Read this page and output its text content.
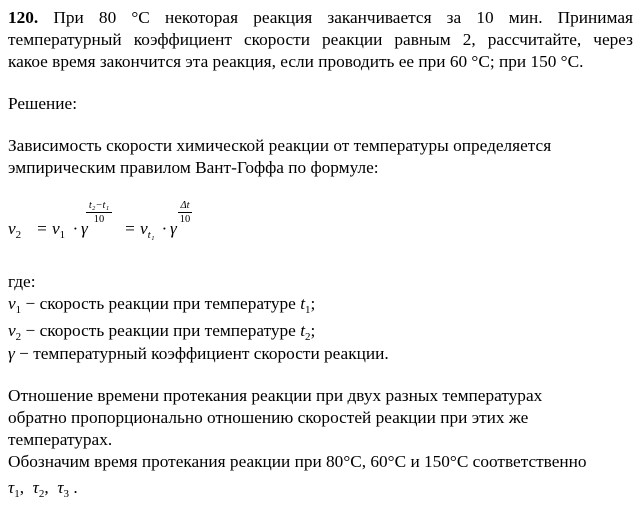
120. При 80 °С некоторая реакция заканчивается за 10 мин. Принимая
температурный коэффициент скорости реакции равным 2, рассчитайте, через
какое время закончится эта реакция, если проводить ее при 60 °С; при 150 °С.
Решение:
Зависимость скорости химической реакции от температуры определяется
эмпирическим правилом Вант-Гоффа по формуле:
$v_2 = v_1 \cdot \gamma$
t₂−t₁
10	= $v_{t_1} \cdot \gamma$
Δt
10
где:
$v_1$ − скорость реакции при температуре $t_1$;
$v_2$ − скорость реакции при температуре $t_2$;
γ − температурный коэффициент скорости реакции.
Отношение времени протекания реакции при двух разных температурах
обратно пропорционально отношению скоростей реакции при этих же
температурах.
Обозначим время протекания реакции при 80°С, 60°С и 150°С соответственно
$\tau_1$, $\tau_2$, $\tau_3$ .
